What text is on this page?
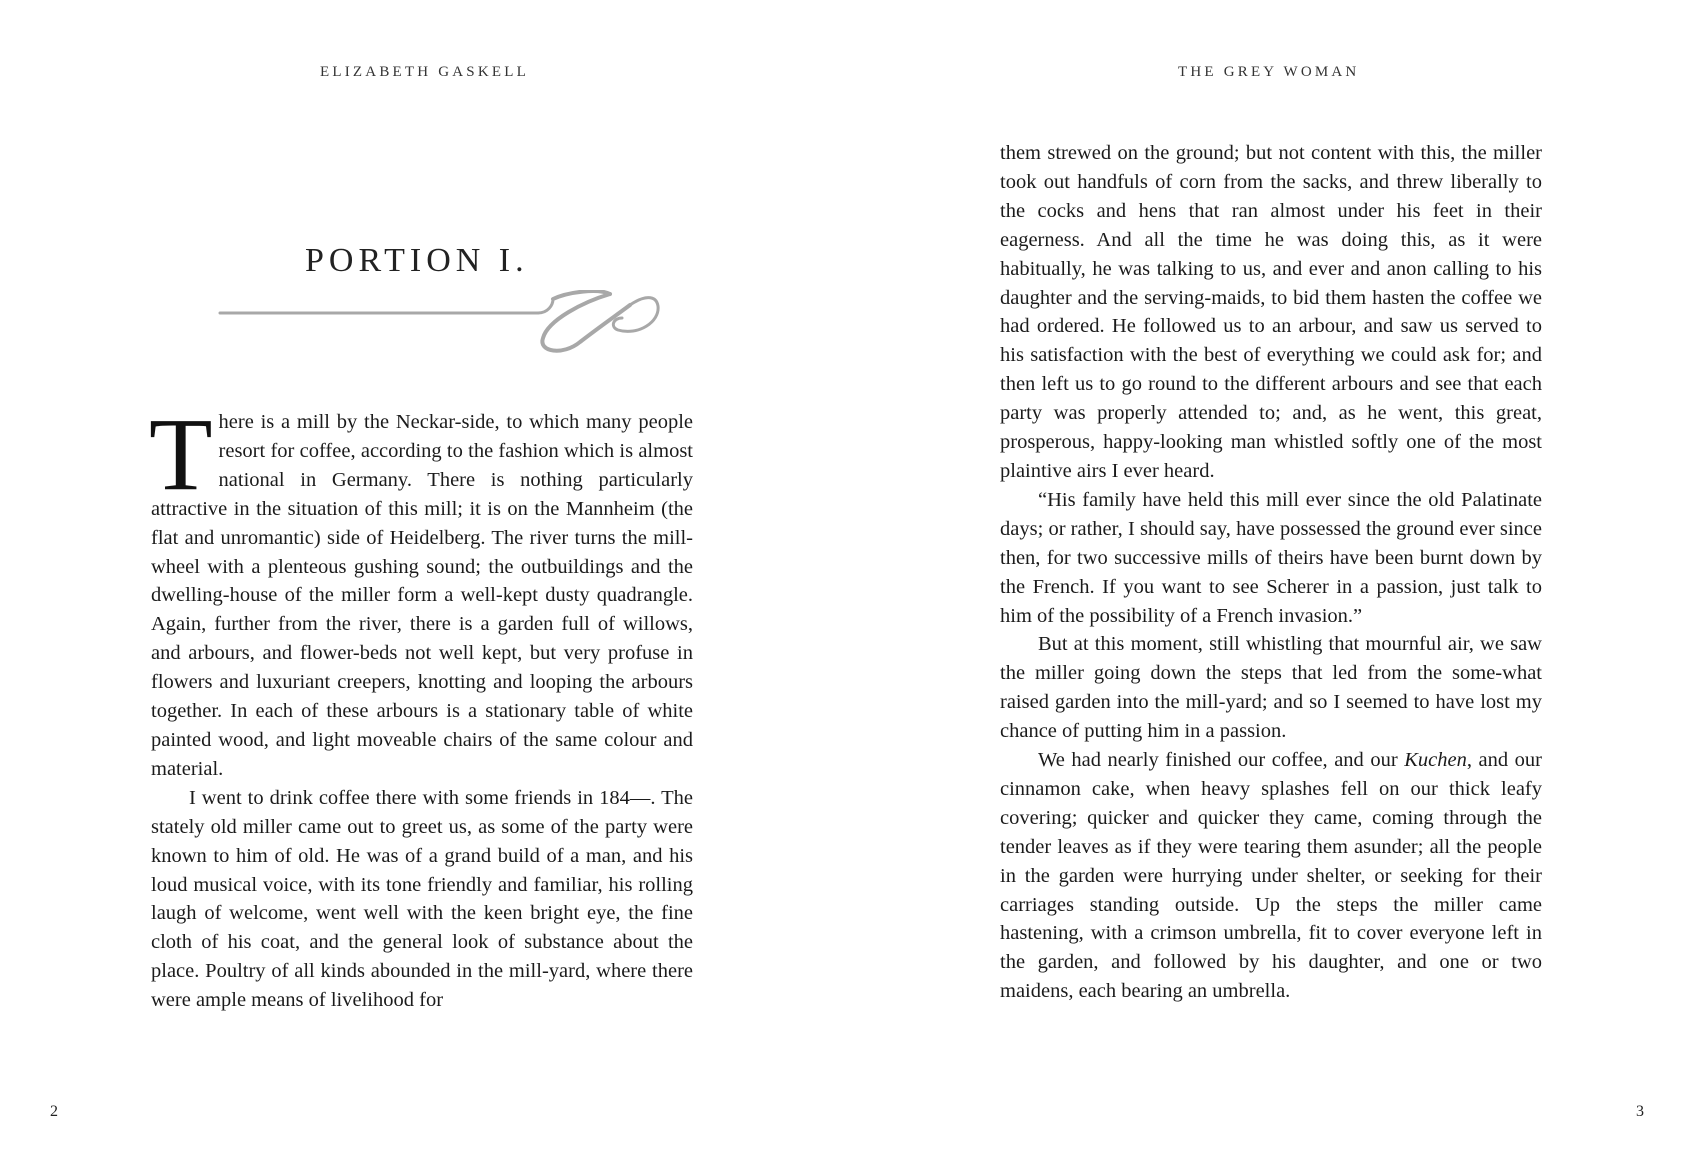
ELIZABETH GASKELL
PORTION I.

There is a mill by the Neckar-side, to which many people resort for coffee, according to the fashion which is almost national in Germany. There is nothing particularly attractive in the situation of this mill; it is on the Mannheim (the flat and unromantic) side of Heidelberg. The river turns the mill-wheel with a plenteous gushing sound; the outbuildings and the dwelling-house of the miller form a well-kept dusty quadrangle. Again, further from the river, there is a garden full of willows, and arbours, and flower-beds not well kept, but very profuse in flowers and luxuriant creepers, knotting and looping the arbours together. In each of these arbours is a stationary table of white painted wood, and light moveable chairs of the same colour and material.

I went to drink coffee there with some friends in 184—. The stately old miller came out to greet us, as some of the party were known to him of old. He was of a grand build of a man, and his loud musical voice, with its tone friendly and familiar, his rolling laugh of welcome, went well with the keen bright eye, the fine cloth of his coat, and the general look of substance about the place. Poultry of all kinds abounded in the mill-yard, where there were ample means of livelihood for

2
THE GREY WOMAN

them strewed on the ground; but not content with this, the miller took out handfuls of corn from the sacks, and threw liberally to the cocks and hens that ran almost under his feet in their eagerness. And all the time he was doing this, as it were habitually, he was talking to us, and ever and anon calling to his daughter and the serving-maids, to bid them hasten the coffee we had ordered. He followed us to an arbour, and saw us served to his satisfaction with the best of everything we could ask for; and then left us to go round to the different arbours and see that each party was properly attended to; and, as he went, this great, prosperous, happy-looking man whistled softly one of the most plaintive airs I ever heard.

“His family have held this mill ever since the old Palatinate days; or rather, I should say, have possessed the ground ever since then, for two successive mills of theirs have been burnt down by the French. If you want to see Scherer in a passion, just talk to him of the possibility of a French invasion.”

But at this moment, still whistling that mournful air, we saw the miller going down the steps that led from the some-what raised garden into the mill-yard; and so I seemed to have lost my chance of putting him in a passion.

We had nearly finished our coffee, and our Kuchen, and our cinnamon cake, when heavy splashes fell on our thick leafy covering; quicker and quicker they came, coming through the tender leaves as if they were tearing them asunder; all the people in the garden were hurrying under shelter, or seeking for their carriages standing outside. Up the steps the miller came hastening, with a crimson umbrella, fit to cover everyone left in the garden, and followed by his daughter, and one or two maidens, each bearing an umbrella.

3
